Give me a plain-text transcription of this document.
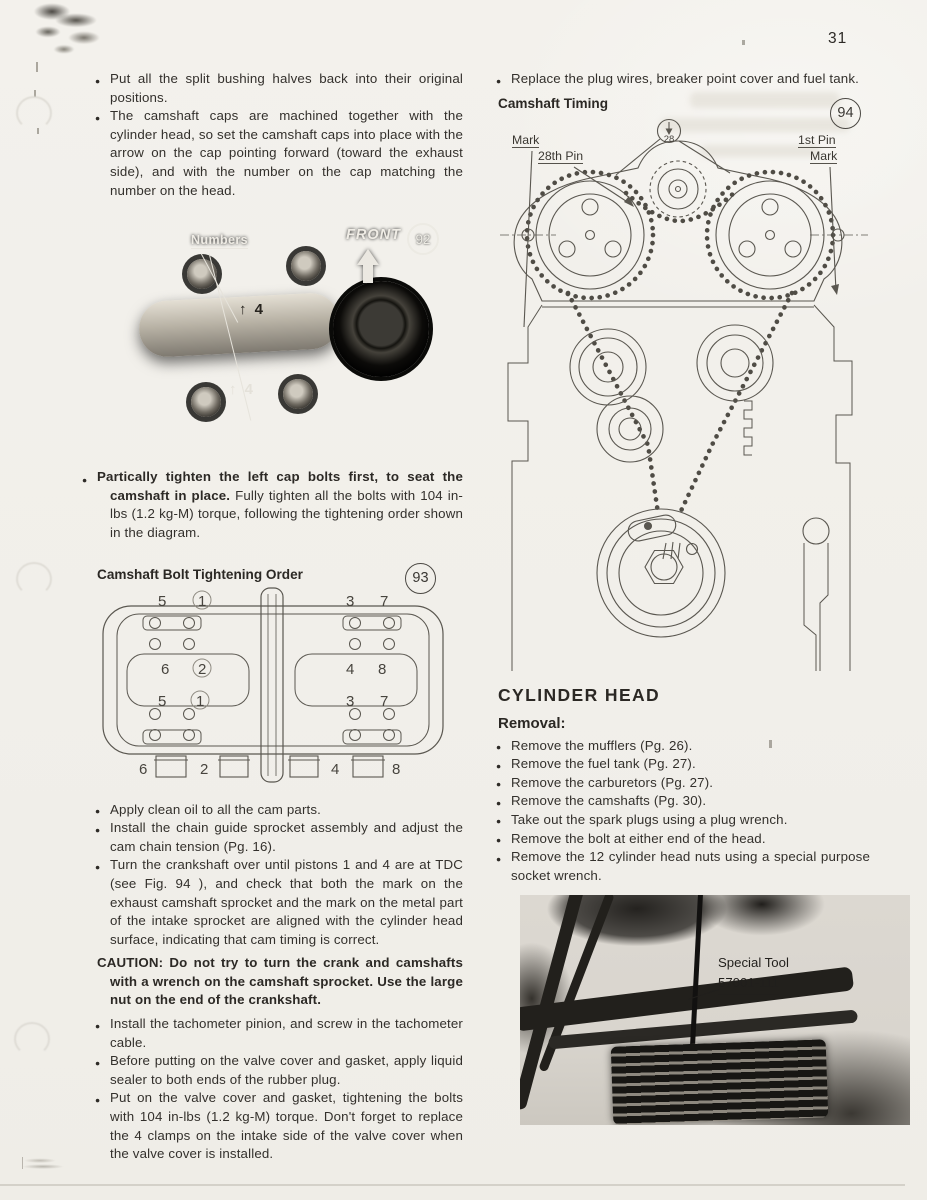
31

● Put all the split bushing halves back into their original positions.

● The camshaft caps are machined together with the cylinder head, so set the camshaft caps into place with the arrow on the cap pointing forward (toward the exhaust side), and with the number on the cap matching the number on the head.

Numbers	FRONT	92
↑ 4
↑ 4

Partically tighten the left cap bolts first, to seat the camshaft in place. Fully tighten all the bolts with 104 in-lbs (1.2 kg-M) torque, following the tightening order shown in the diagram.

Camshaft Bolt Tightening Order	93
5 1	3 7
6 2	4 8
5 1	3 7
6	2	4	8

● Apply clean oil to all the cam parts.

● Install the chain guide sprocket assembly and adjust the cam chain tension (Pg. 16).

● Turn the crankshaft over until pistons 1 and 4 are at TDC (see Fig. 94 ), and check that both the mark on the exhaust camshaft sprocket and the mark on the metal part of the intake sprocket are aligned with the cylinder head surface, indicating that cam timing is correct.

CAUTION: Do not try to turn the crank and camshafts with a wrench on the camshaft sprocket. Use the large nut on the end of the crankshaft.

● Install the tachometer pinion, and screw in the tachometer cable.

● Before putting on the valve cover and gasket, apply liquid sealer to both ends of the rubber plug.

● Put on the valve cover and gasket, tightening the bolts with 104 in-lbs (1.2 kg-M) torque. Don't forget to replace the 4 clamps on the intake side of the valve cover when the valve cover is installed.

● Replace the plug wires, breaker point cover and fuel tank.

Camshaft Timing

94
28
Mark
28th Pin
1st Pin
Mark

CYLINDER HEAD

Removal:

● Remove the mufflers (Pg. 26).

● Remove the fuel tank (Pg. 27).

● Remove the carburetors (Pg. 27).

● Remove the camshafts (Pg. 30).

● Take out the spark plugs using a plug wrench.

● Remove the bolt at either end of the head.

● Remove the 12 cylinder head nuts using a special purpose socket wrench.

Special Tool
57001-111
